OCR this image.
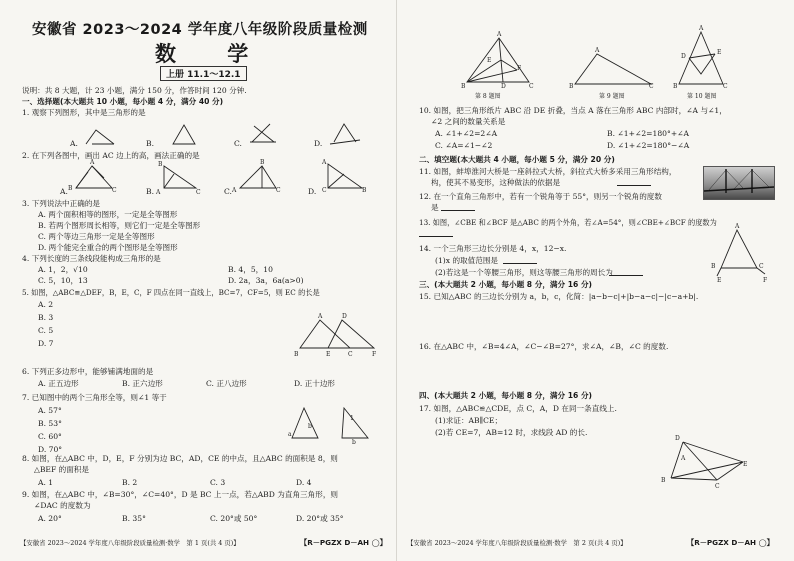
安徽省 2023～2024 学年度八年级阶段质量检测
数 学
上册 11.1～12.1
说明：共 8 大题，计 23 小题，满分 150 分，作答时间 120 分钟.
一、选择题(本大题共 10 小题，每小题 4 分，满分 40 分)
1. 观察下列图形，其中是三角形的是
A.	B.	C.	D.
2. 在下列各图中，画出 AC 边上的高，画法正确的是
A.	B.	C.	D.
A
B	C
B
A	C
B
A	C
A
C	B
3. 下列说法中正确的是
A. 两个面积相等的图形，一定是全等图形
B. 若两个图形周长相等，则它们一定是全等图形
C. 两个等边三角形一定是全等图形
D. 两个能完全重合的两个图形是全等图形
4. 下列长度的三条线段能构成三角形的是
A. 1，2，√10	B. 4，5，10
C. 5，10，13	D. 2a，3a，6a(a>0)
5. 如图，△ABC≌△DEF，B，E，C，F 四点在同一直线上，BC=7，CF=5，则 EC 的长是
A. 2
B. 3
C. 5
D. 7
A	D
B	E	C	F
6. 下列正多边形中，能够铺满地面的是
A. 正五边形	B. 正六边形	C. 正八边形	D. 正十边形
7. 已知图中的两个三角形全等，则∠1 等于
A. 57°
B. 53°
C. 60°
D. 70°
a
b
1
b
8. 如图，在△ABC 中，D，E，F 分别为边 BC，AD，CE 的中点，且△ABC 的面积是 8，则
△BEF 的面积是
A. 1	B. 2	C. 3	D. 4
9. 如图，在△ABC 中，∠B=30°，∠C=40°，D 是 BC 上一点，若△ABD 为直角三角形，则
∠DAC 的度数为
A. 20°	B. 35°	C. 20°或 50°	D. 20°或 35°
【安徽省 2023～2024 学年度八年级阶段质量检测·数学　第 1 页(共 4 页)】	【R－PGZX D－AH ◯】
A
E
F
B	D	C
第 8 题图
A
B	C
第 9 题图
A
D
E
B	C
第 10 题图
10. 如图，把三角形纸片 ABC 沿 DE 折叠，当点 A 落在三角形 ABC 内部时，∠A 与∠1，
∠2 之间的数量关系是
A. ∠1+∠2=2∠A	B. ∠1+∠2=180°+∠A
C. ∠A=∠1−∠2	D. ∠1+∠2=180°−∠A
二、填空题(本大题共 4 小题，每小题 5 分，满分 20 分)
11. 如图，蚌埠淮河大桥是一座斜拉式大桥，斜拉式大桥多采用三角形结构，
构，使其不易变形，这种做法的依据是
12. 在一个直角三角形中，若有一个锐角等于 55°，则另一个锐角的度数
是
13. 如图，∠CBE 和∠BCF 是△ABC 的两个外角，若∠A=54°，则∠CBE+∠BCF 的度数为	A
B	C
E	F
14. 一个三角形三边长分别是 4，x，12−x.
(1)x 的取值范围是
(2)若这是一个等腰三角形，则这等腰三角形的周长为
三、(本大题共 2 小题，每小题 8 分，满分 16 分)
15. 已知△ABC 的三边长分别为 a，b，c，化简：|a−b−c|+|b−a−c|−|c−a+b|.
16. 在△ABC 中，∠B=4∠A，∠C−∠B=27°，求∠A，∠B，∠C 的度数.
四、(本大题共 2 小题，每小题 8 分，满分 16 分)
17. 如图，△ABC≌△CDE，点 C，A，D 在同一条直线上.
(1)求证：AB∥CE；
(2)若 CE=7，AB=12 时，求线段 AD 的长.
D
A
B
C
E
【安徽省 2023～2024 学年度八年级阶段质量检测·数学　第 2 页(共 4 页)】	【R－PGZX D－AH ◯】
